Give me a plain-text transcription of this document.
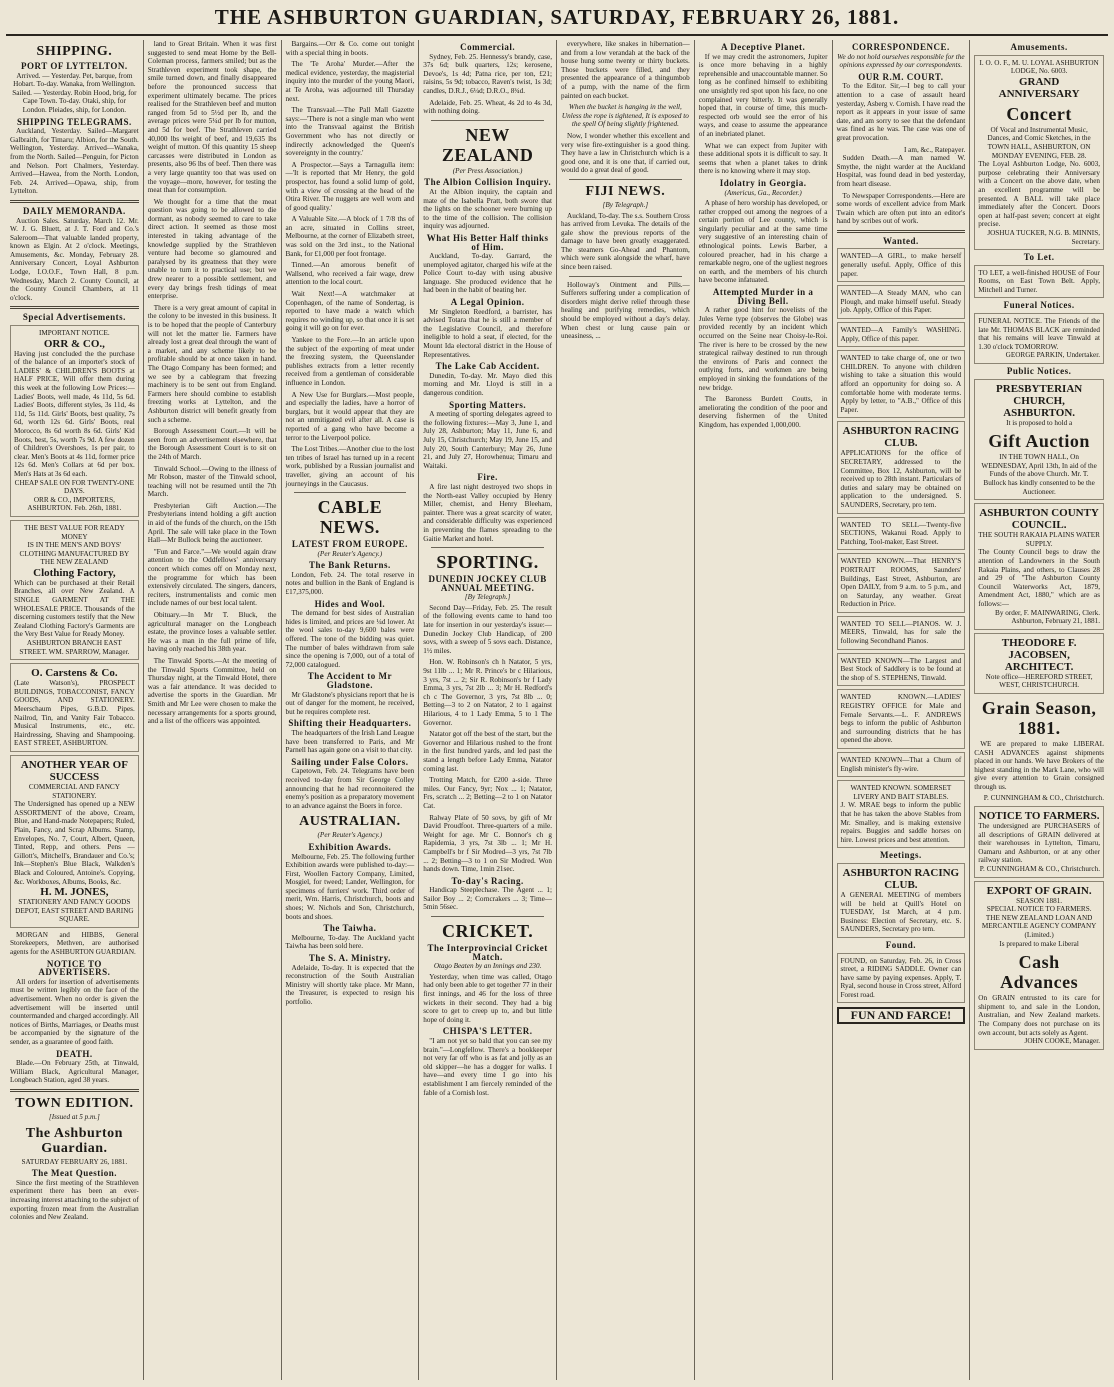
THE ASHBURTON GUARDIAN, SATURDAY, FEBRUARY 26, 1881.
SHIPPING.
PORT OF LYTTELTON.
Arrived. — Yesterday. Pet, barque, from Hobart. To-day. Wanaka, from Wellington.
Sailed. — Yesterday. Robin Hood, brig, for Cape Town. To-day. Otaki, ship, for London. Pleiades, ship, for London.
SHIPPING TELEGRAMS.
Auckland, Yesterday. Sailed—Margaret Galbraith, for Timaru; Albion, for the South. Wellington, Yesterday. Arrived—Wanaka, from the North. Sailed—Penguin, for Picton and Nelson. Port Chalmers, Yesterday. Arrived—Hawea, from the North. London, Feb. 24. Arrived—Opawa, ship, from Lyttelton.
DAILY MEMORANDA.
Auction Sales. Saturday, March 12. Mr. W. J. G. Bluett, at J. T. Ford and Co.'s Saleroom—That valuable landed property, known as Elgin. At 2 o'clock. Meetings, Amusements, &c. Monday, February 28. Anniversary Concert, Loyal Ashburton Lodge, I.O.O.F., Town Hall, 8 p.m. Wednesday, March 2. County Council, at the County Council Chambers, at 11 o'clock.
Special Advertisements.
IMPORTANT NOTICE.
ORR & CO.,
Having just concluded the the purchase of the balance of an importer's stock of LADIES' & CHILDREN'S BOOTS at HALF PRICE, Will offer them during this week at the following Low Prices:— Ladies' Boots, well made, 4s 11d, 5s 6d. Ladies' Boots, different styles, 3s 11d, 4s 11d, 5s 11d. Girls' Boots, best quality, 7s 6d, worth 12s 6d. Girls' Boots, real Morocco, 8s 6d worth 8s 6d. Girls' Kid Boots, best, 5s, worth 7s 9d. A few dozen of Children's Overshoes, 1s per pair, to clear. Men's Boots at 4s 11d, former price 12s 6d. Men's Collars at 6d per box. Men's Hats at 3s 6d each.
CHEAP SALE ON FOR TWENTY-ONE DAYS.
ORR & CO., IMPORTERS, ASHBURTON. Feb. 26th, 1881.
THE BEST VALUE FOR READY MONEY
IS IN THE MEN'S AND BOYS' CLOTHING MANUFACTURED BY THE NEW ZEALAND
Clothing Factory,
Which can be purchased at their Retail Branches, all over New Zealand. A SINGLE GARMENT AT THE WHOLESALE PRICE. Thousands of the discerning customers testify that the New Zealand Clothing Factory's Garments are the Very Best Value for Ready Money.
ASHBURTON BRANCH EAST STREET. WM. SPARROW, Manager.
O. Carstens & Co.
(Late Watson's), PROSPECT BUILDINGS, TOBACCONIST, FANCY GOODS, AND STATIONERY. Meerschaum Pipes, G.B.D. Pipes. Nailrod, Tin, and Vanity Fair Tobacco. Musical Instruments, etc., etc. Hairdressing, Shaving and Shampooing. EAST STREET, ASHBURTON.
ANOTHER YEAR OF SUCCESS
COMMERCIAL AND FANCY STATIONERY.
The Undersigned has opened up a NEW ASSORTMENT of the above, Cream, Blue, and Hand-made Notepapers; Ruled, Plain, Fancy, and Scrap Albums. Stamp, Envelopes, No. 7, Court, Albert, Queen, Tinted, Repp, and others. Pens — Gillott's, Mitchell's, Brandauer and Co.'s; Ink—Stephen's Blue Black, Walkden's Black and Coloured, Antoine's. Copying, &c. Workboxes, Albums, Books, &c.
H. M. JONES,
STATIONERY AND FANCY GOODS DEPOT, EAST STREET AND BARING SQUARE.
MORGAN and HIBBS, General Storekeepers, Methven, are authorised agents for the ASHBURTON GUARDIAN.
NOTICE TO ADVERTISERS.
All orders for insertion of advertisements must be written legibly on the face of the advertisement. When no order is given the advertisement will be inserted until countermanded and charged accordingly. All notices of Births, Marriages, or Deaths must be accompanied by the signature of the sender, as a guarantee of good faith.
DEATH.
Blade.—On February 25th, at Tinwald, William Black, Agricultural Manager, Longbeach Station, aged 38 years.
TOWN EDITION.
[Issued at 5 p.m.]
The Ashburton Guardian.
SATURDAY FEBRUARY 26, 1881.
The Meat Question.
Since the first meeting of the Strathleven experiment there has been an ever-increasing interest attaching to the subject of exporting frozen meat from the Australian colonies and New Zealand.
land to Great Britain. When it was first suggested to send meat Home by the Bell-Coleman process, farmers smiled; but as the Strathleven experiment took shape, the smile turned down, and finally disappeared before the pronounced success that experiment ultimately became. The prices realised for the Strathleven beef and mutton ranged from 5d to 5½d per lb, and the average prices were 5¼d per lb for mutton, and 5d for beef. The Strathleven carried 40,000 lbs weight of beef, and 19,635 lbs weight of mutton. Of this quantity 15 sheep carcasses were distributed in London as presents, also 96 lbs of beef. Then there was a very large quantity too that was used on the voyage—more, however, for testing the meat than for consumption.
We thought for a time that the meat question was going to be allowed to die dormant, as nobody seemed to care to take direct action. It seemed as those most interested in taking advantage of the knowledge supplied by the Strathleven venture had become so glamoured and paralysed by its greatness that they were unable to turn it to practical use; but we drew nearer to a possible settlement, and every day brings fresh tidings of meat enterprise.
There is a very great amount of capital in the colony to be invested in this business. It is to be hoped that the people of Canterbury will not let the matter lie. Farmers have already lost a great deal through the want of a market, and any scheme likely to be profitable should be at once taken in hand. The Otago Company has been formed; and we see by a cablegram that freezing machinery is to be sent out from England. Farmers here should combine to establish freezing works at Lyttelton, and the Ashburton district will benefit greatly from such a scheme.
Borough Assessment Court.—It will be seen from an advertisement elsewhere, that the Borough Assessment Court is to sit on the 24th of March.
Tinwald School.—Owing to the illness of Mr Robson, master of the Tinwald school, teaching will not be resumed until the 7th March.
Presbyterian Gift Auction.—The Presbyterians intend holding a gift auction in aid of the funds of the church, on the 15th April. The sale will take place in the Town Hall—Mr Bullock being the auctioneer.
"Fun and Farce."—We would again draw attention to the Oddfellows' anniversary concert which comes off on Monday next, the programme for which has been extensively circulated. The singers, dancers, reciters, instrumentalists and comic men include names of our best local talent.
Obituary.—In Mr T. Bluck, the agricultural manager on the Longbeach estate, the province loses a valuable settler. He was a man in the full prime of life, having only reached his 38th year.
The Tinwald Sports.—At the meeting of the Tinwald Sports Committee, held on Thursday night, at the Tinwald Hotel, there was a fair attendance. It was decided to advertise the sports in the Guardian. Mr Smith and Mr Lee were chosen to make the necessary arrangements for a sports ground, and a list of the officers was appointed.
Bargains.—Orr & Co. come out tonight with a special thing in boots.
The 'Te Aroha' Murder.—After the medical evidence, yesterday, the magisterial inquiry into the murder of the young Maori, at Te Aroha, was adjourned till Thursday next.
The Transvaal.—The Pall Mall Gazette says:—'There is not a single man who went into the Transvaal against the British Government who has not directly or indirectly acknowledged the Queen's sovereignty in the country.'
A Prospector.—Says a Tarnagulla item:—'It is reported that Mr Henry, the gold prospector, has found a solid lump of gold, with a view of crossing at the head of the Otira River. The nuggets are well worn and of good quality.'
A Valuable Site.—A block of 1 7/8 ths of an acre, situated in Collins street, Melbourne, at the corner of Elizabeth street, was sold on the 3rd inst., to the National Bank, for £1,000 per foot frontage.
Tinned.—An amorous benefit of Wallsend, who received a fair wage, drew attention to the local court.
Wait Next!—A watchmaker at Copenhagen, of the name of Sondertag, is reported to have made a watch which requires no winding up, so that once it is set going it will go on for ever.
Yankee to the Fore.—In an article upon the subject of the exporting of meat under the freezing system, the Queenslander publishes extracts from a letter recently received from a gentleman of considerable influence in London.
A New Use for Burglars.—Most people, and especially the ladies, have a horror of burglars, but it would appear that they are not an unmitigated evil after all. A case is reported of a gang who have become a terror to the Liverpool police.
The Lost Tribes.—Another clue to the lost ten tribes of Israel has turned up in a recent work, published by a Russian journalist and traveller, giving an account of his journeyings in the Caucasus.
CABLE NEWS.
LATEST FROM EUROPE.
(Per Reuter's Agency.)
The Bank Returns.
London, Feb. 24. The total reserve in notes and bullion in the Bank of England is £17,375,000.
Hides and Wool.
The demand for best sides of Australian hides is limited, and prices are ¼d lower. At the wool sales to-day 9,600 bales were offered. The tone of the bidding was quiet. The number of bales withdrawn from sale since the opening is 7,000, out of a total of 72,000 catalogued.
The Accident to Mr Gladstone.
Mr Gladstone's physicians report that he is out of danger for the moment, he received, but he requires complete rest.
Shifting their Headquarters.
The headquarters of the Irish Land League have been transferred to Paris, and Mr Parnell has again gone on a visit to that city.
Sailing under False Colors.
Capetown, Feb. 24. Telegrams have been received to-day from Sir George Colley announcing that he had reconnoitered the enemy's position as a preparatory movement to an advance against the Boers in force.
AUSTRALIAN.
(Per Reuter's Agency.)
Exhibition Awards.
Melbourne, Feb. 25. The following further Exhibition awards were published to-day:—First, Woollen Factory Company, Limited, Mosgiel, for tweed; Lander, Wellington, for specimens of furriers' work. Third order of merit, Wm. Harris, Christchurch, boots and shoes; W. Nichols and Son, Christchurch, boots and shoes.
The Taiwha.
Melbourne, To-day. The Auckland yacht Taiwha has been sold here.
The S. A. Ministry.
Adelaide, To-day. It is expected that the reconstruction of the South Australian Ministry will shortly take place. Mr Mann, the Treasurer, is expected to resign his portfolio.
Commercial.
Sydney, Feb. 25. Hennessy's brandy, case, 37s 6d; bulk quarters, 12s; kerosene, Devoe's, 1s 4d; Patna rice, per ton, £21; raisins, 5s 9d; tobacco, Raven's twist, 1s 3d; candles, D.R.J., 6¼d; D.R.O., 8¾d.
Adelaide, Feb. 25. Wheat, 4s 2d to 4s 3d, with nothing doing.
NEW ZEALAND
(Per Press Association.)
The Albion Collision Inquiry.
At the Albion inquiry, the captain and mate of the Isabella Pratt, both swore that the lights on the schooner were burning up to the time of the collision. The collision inquiry was adjourned.
What His Better Half thinks of Him.
Auckland, To-day. Garrard, the unemployed agitator, charged his wife at the Police Court to-day with using abusive language. She produced evidence that he had been in the habit of beating her.
A Legal Opinion.
Mr Singleton Reedford, a barrister, has advised Totara that he is still a member of the Legislative Council, and therefore ineligible to hold a seat, if elected, for the Mount Ida electoral district in the House of Representatives.
The Lake Cab Accident.
Dunedin, To-day. Mr. Mayo died this morning and Mr. Lloyd is still in a dangerous condition.
Sporting Matters.
A meeting of sporting delegates agreed to the following fixtures:—May 3, June 1, and July 28, Ashburton; May 11, June 6, and July 15, Christchurch; May 19, June 15, and July 20, South Canterbury; May 26, June 21, and July 27, Horowhenua; Timaru and Waitaki.
Fire.
A fire last night destroyed two shops in the North-east Valley occupied by Henry Miller, chemist, and Henry Bleeham, painter. There was a great scarcity of water, and considerable difficulty was experienced in preventing the flames spreading to the Gaitie Market and hotel.
SPORTING.
DUNEDIN JOCKEY CLUB ANNUAL MEETING.
[By Telegraph.]
Second Day—Friday, Feb. 25. The result of the following events came to hand too late for insertion in our yesterday's issue:— Dunedin Jockey Club Handicap, of 200 sovs, with a sweep of 5 sovs each. Distance, 1½ miles.
Hon. W. Robinson's ch h Natator, 5 yrs, 9st 11lb ... 1; Mr R. Prince's br c Hilarious, 3 yrs, 7st ... 2; Sir R. Robinson's br f Lady Emma, 3 yrs, 7st 2lb ... 3; Mr H. Redford's ch c The Governor, 3 yrs, 7st 8lb ... 0; Betting—3 to 2 on Natator, 2 to 1 against Hilarious, 4 to 1 Lady Emma, 5 to 1 The Governor.
Natator got off the best of the start, but the Governor and Hilarious rushed to the front in the first hundred yards, and led past the stand a length before Lady Emma, Natator coming last.
Trotting Match, for £200 a-side. Three miles. Our Fancy, 9yr; Nox ... 1; Natator, Frs, scratch ... 2; Betting—2 to 1 on Natator Cat.
Ralway Plate of 50 sovs, by gift of Mr David Proudfoot. Three-quarters of a mile. Weight for age. Mr C. Bonnor's ch g Rapidemia, 3 yrs, 7st 3lb ... 1; Mr H. Campbell's br f Sir Modred—3 yrs, 7st 7lb ... 2; Betting—3 to 1 on Sir Modred. Won hands down. Time, 1min 21sec.
To-day's Racing.
Handicap Steeplechase. The Agent ... 1; Sailor Boy ... 2; Corncrakers ... 3; Time—5min 56sec.
CRICKET.
The Interprovincial Cricket Match.
Otago Beaten by an Innings and 230.
Yesterday, when time was called, Otago had only been able to get together 77 in their first innings, and 46 for the loss of three wickets in their second. They had a big score to get to creep up to, and but little hope of doing it.
CHISPA'S LETTER.
"I am not yet so bald that you can see my brain."—Longfellow. There's a bookkeeper not very far off who is as fat and jolly as an old skipper—he has a dogger for walks. I have—and every time I go into his establishment I am fiercely reminded of the fable of a Cornish lost.
everywhere, like snakes in hibernation—and from a low verandah at the back of the house hung some twenty or thirty buckets. Those buckets were filled, and they presented the appearance of a thingumbob of a pump, with the name of the firm painted on each bucket.
When the bucket is hanging in the well, Unless the rope is tightened, It is exposed to the spell Of being slightly frightened.
Now, I wonder whether this excellent and very wise fire-extinguisher is a good thing. They have a law in Christchurch which is a good one, and it is one that, if carried out, would do a great deal of good.
FIJI NEWS.
[By Telegraph.]
Auckland, To-day. The s.s. Southern Cross has arrived from Levuka. The details of the gale show the previous reports of the damage to have been greatly exaggerated. The steamers Go-Ahead and Phantom, which were sunk alongside the wharf, have since been raised.
Holloway's Ointment and Pills.—Sufferers suffering under a complication of disorders might derive relief through these healing and purifying remedies, which should be employed without a day's delay. When chest or lung cause pain or uneasiness, ...
A Deceptive Planet.
If we may credit the astronomers, Jupiter is once more behaving in a highly reprehensible and unaccountable manner. So long as he confined himself to exhibiting one unsightly red spot upon his face, no one complained very bitterly. It was generally hoped that, in course of time, this much-respected orb would see the error of his ways, and cease to assume the appearance of an inebriated planet.
What we can expect from Jupiter with these additional spots it is difficult to say. It seems that when a planet takes to drink there is no knowing where it may stop.
Idolatry in Georgia.
(Americus, Ga., Recorder.)
A phase of hero worship has developed, or rather cropped out among the negroes of a certain portion of Lee county, which is singularly peculiar and at the same time very suggestive of an interesting chain of ethnological points. Lewis Barber, a coloured preacher, had in his charge a remarkable negro, one of the ugliest negroes on earth, and the members of his church have become infatuated.
Attempted Murder in a Diving Bell.
A rather good hint for novelists of the Jules Verne type (observes the Globe) was provided recently by an incident which occurred on the Seine near Choisy-le-Roi. The river is here to be crossed by the new strategical railway destined to run through the environs of Paris and connect the outlying forts, and workmen are being employed in sinking the foundations of the new bridge.
The Baroness Burdett Coutts, in ameliorating the condition of the poor and deserving fishermen of the United Kingdom, has expended 1,000,000.
CORRESPONDENCE.
We do not hold ourselves responsible for the opinions expressed by our correspondents.
OUR R.M. COURT.
To the Editor. Sir,—I beg to call your attention to a case of assault heard yesterday, Asberg v. Cornish. I have read the report as it appears in your issue of same date, and am sorry to see that the defendant was fined as he was. The case was one of great provocation.
I am, &c., Ratepayer.
Sudden Death.—A man named W. Smythe, the night warder at the Auckland Hospital, was found dead in bed yesterday, from heart disease.
To Newspaper Correspondents.—Here are some words of excellent advice from Mark Twain which are often put into an editor's hand by scribes out of work.
Wanted.
WANTED—A GIRL, to make herself generally useful. Apply, Office of this paper.
WANTED—A Steady MAN, who can Plough, and make himself useful. Steady job. Apply, Office of this Paper.
WANTED—A Family's WASHING. Apply, Office of this paper.
WANTED to take charge of, one or two CHILDREN. To anyone with children wishing to take a situation this would afford an opportunity for doing so. A comfortable home with moderate terms. Apply by letter, to "A.B.," Office of this Paper.
ASHBURTON RACING CLUB.
APPLICATIONS for the office of SECRETARY, addressed to the Committee, Box 12, Ashburton, will be received up to 28th instant. Particulars of duties and salary may be obtained on application to the undersigned. S. SAUNDERS, Secretary, pro tem.
WANTED TO SELL—Twenty-five SECTIONS, Wakanui Road. Apply to Patching, Tool-maker, East Street.
WANTED KNOWN.—That HENRY'S PORTRAIT ROOMS, Saunders' Buildings, East Street, Ashburton, are Open DAILY, from 9 a.m. to 5 p.m., and on Saturday, any weather. Great Reduction in Price.
WANTED TO SELL—PIANOS. W. J. MEERS, Tinwald, has for sale the following Secondhand Pianos.
WANTED KNOWN—The Largest and Best Stock of Saddlery is to be found at the shop of S. STEPHENS, Tinwald.
WANTED KNOWN.—LADIES' REGISTRY OFFICE for Male and Female Servants.—L. F. ANDREWS begs to inform the public of Ashburton and surrounding districts that he has opened the above.
WANTED KNOWN—That a Churn of English minister's fly-wire.
WANTED KNOWN. SOMERSET LIVERY AND BAIT STABLES.
J. W. MRAE begs to inform the public that he has taken the above Stables from Mr. Smalley, and is making extensive repairs. Buggies and saddle horses on hire. Lowest prices and best attention.
Meetings.
ASHBURTON RACING CLUB.
A GENERAL MEETING of members will be held at Quill's Hotel on TUESDAY, 1st March, at 4 p.m. Business: Election of Secretary, etc. S. SAUNDERS, Secretary pro tem.
Found.
FOUND, on Saturday, Feb. 26, in Cross street, a RIDING SADDLE. Owner can have same by paying expenses. Apply, T. Ryal, second house in Cross street, Alford Forest road.
FUN AND FARCE!
Amusements.
I. O. O. F., M. U. LOYAL ASHBURTON LODGE, No. 6003.
GRAND ANNIVERSARY
Concert
Of Vocal and Instrumental Music, Dances, and Comic Sketches, in the TOWN HALL, ASHBURTON, ON MONDAY EVENING, FEB. 28.
The Loyal Ashburton Lodge, No. 6003, purpose celebrating their Anniversary with a Concert on the above date, when an excellent programme will be presented. A BALL will take place immediately after the Concert. Doors open at half-past seven; concert at eight precise.
JOSHUA TUCKER, N.G. B. MINNIS, Secretary.
To Let.
TO LET, a well-finished HOUSE of Four Rooms, on East Town Belt. Apply, Mitchell and Turner.
Funeral Notices.
FUNERAL NOTICE. The Friends of the late Mr. THOMAS BLACK are reminded that his remains will leave Tinwald at 1.30 o'clock TOMORROW.
GEORGE PARKIN, Undertaker.
Public Notices.
PRESBYTERIAN CHURCH, ASHBURTON.
It is proposed to hold a
Gift Auction
IN THE TOWN HALL, On WEDNESDAY, April 13th, In aid of the Funds of the above Church. Mr. T. Bullock has kindly consented to be the Auctioneer.
ASHBURTON COUNTY COUNCIL.
THE SOUTH RAKAIA PLAINS WATER SUPPLY.
The County Council begs to draw the attention of Landowners in the South Rakaia Plains, and others, to Clauses 28 and 29 of "The Ashburton County Council Waterworks Act, 1879, Amendment Act, 1880," which are as follows:—
By order, F. MAINWARING, Clerk. Ashburton, February 21, 1881.
THEODORE F. JACOBSEN, ARCHITECT.
Note office—HEREFORD STREET, WEST, CHRISTCHURCH.
Grain Season, 1881.
WE are prepared to make LIBERAL CASH ADVANCES against shipments placed in our hands. We have Brokers of the highest standing in the Mark Lane, who will give every attention to Grain consigned through us.
P. CUNNINGHAM & CO., Christchurch.
NOTICE TO FARMERS.
The undersigned are PURCHASERS of all descriptions of GRAIN delivered at their warehouses in Lyttelton, Timaru, Oamaru and Ashburton, or at any other railway station.
P. CUNNINGHAM & CO., Christchurch.
EXPORT OF GRAIN.
SEASON 1881.
SPECIAL NOTICE TO FARMERS.
THE NEW ZEALAND LOAN AND MERCANTILE AGENCY COMPANY (Limited.)
Is prepared to make Liberal
Cash Advances
On GRAIN entrusted to its care for shipment to, and sale in the London, Australian, and New Zealand markets. The Company does not purchase on its own account, but acts solely as Agent.
JOHN COOKE, Manager.
